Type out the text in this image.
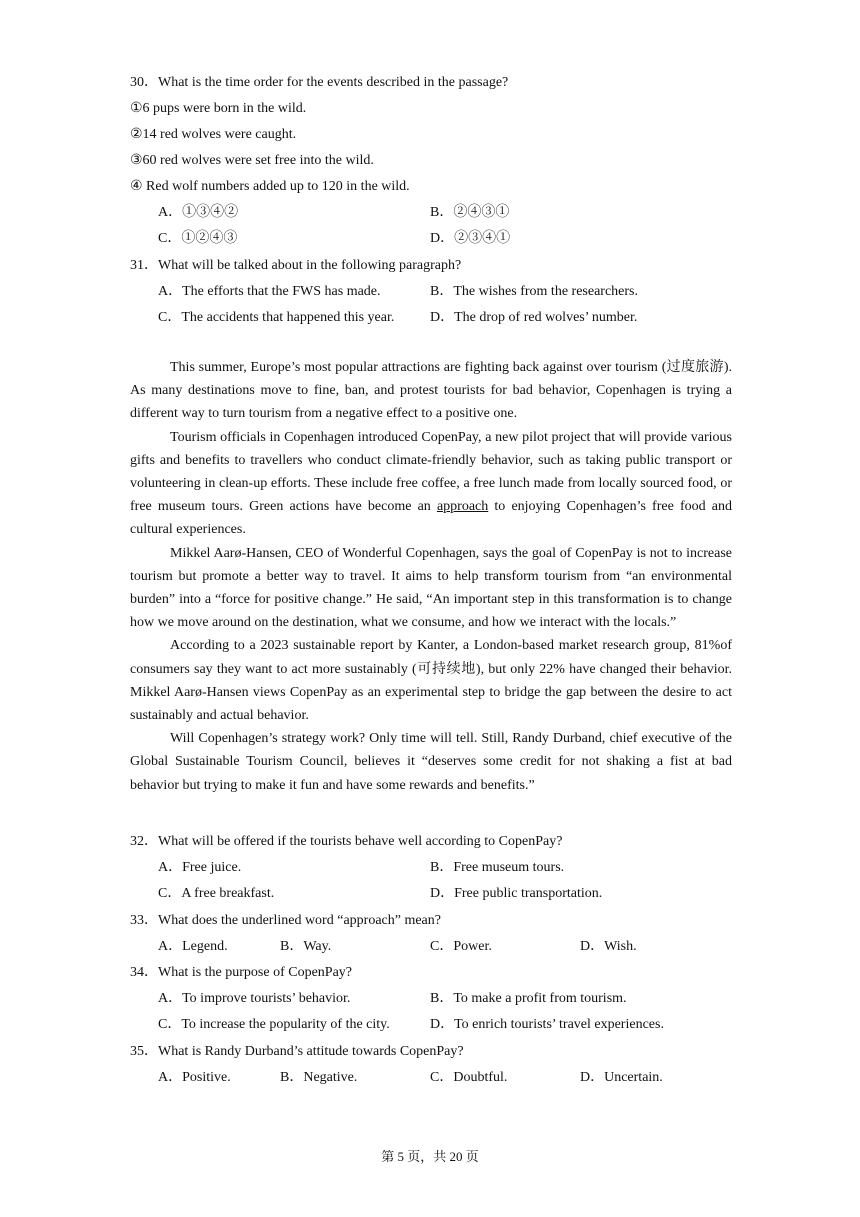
30．What is the time order for the events described in the passage?
①6 pups were born in the wild.
②14 red wolves were caught.
③60 red wolves were set free into the wild.
④ Red wolf numbers added up to 120 in the wild.
A．①③④②	B．②④③①
C．①②④③	D．②③④①
31．What will be talked about in the following paragraph?
A．The efforts that the FWS has made.	B．The wishes from the researchers.
C．The accidents that happened this year.	D．The drop of red wolves’ number.

This summer, Europe’s most popular attractions are fighting back against over tourism (过度旅游). As many destinations move to fine, ban, and protest tourists for bad behavior, Copenhagen is trying a different way to turn tourism from a negative effect to a positive one.

Tourism officials in Copenhagen introduced CopenPay, a new pilot project that will provide various gifts and benefits to travellers who conduct climate-friendly behavior, such as taking public transport or volunteering in clean-up efforts. These include free coffee, a free lunch made from locally sourced food, or free museum tours. Green actions have become an approach to enjoying Copenhagen’s free food and cultural experiences.

Mikkel Aarø-Hansen, CEO of Wonderful Copenhagen, says the goal of CopenPay is not to increase tourism but promote a better way to travel. It aims to help transform tourism from “an environmental burden” into a “force for positive change.” He said, “An important step in this transformation is to change how we move around on the destination, what we consume, and how we interact with the locals.”

According to a 2023 sustainable report by Kanter, a London-based market research group, 81%of consumers say they want to act more sustainably (可持续地), but only 22% have changed their behavior. Mikkel Aarø-Hansen views CopenPay as an experimental step to bridge the gap between the desire to act sustainably and actual behavior.

Will Copenhagen’s strategy work? Only time will tell. Still, Randy Durband, chief executive of the Global Sustainable Tourism Council, believes it “deserves some credit for not shaking a fist at bad behavior but trying to make it fun and have some rewards and benefits.”

32．What will be offered if the tourists behave well according to CopenPay?
A．Free juice.	B．Free museum tours.
C．A free breakfast.	D．Free public transportation.
33．What does the underlined word “approach” mean?
A．Legend.	B．Way.	C．Power.	D．Wish.
34．What is the purpose of CopenPay?
A．To improve tourists’ behavior.	B．To make a profit from tourism.
C．To increase the popularity of the city.	D．To enrich tourists’ travel experiences.
35．What is Randy Durband’s attitude towards CopenPay?
A．Positive.	B．Negative.	C．Doubtful.	D．Uncertain.
第 5 页，共 20 页
